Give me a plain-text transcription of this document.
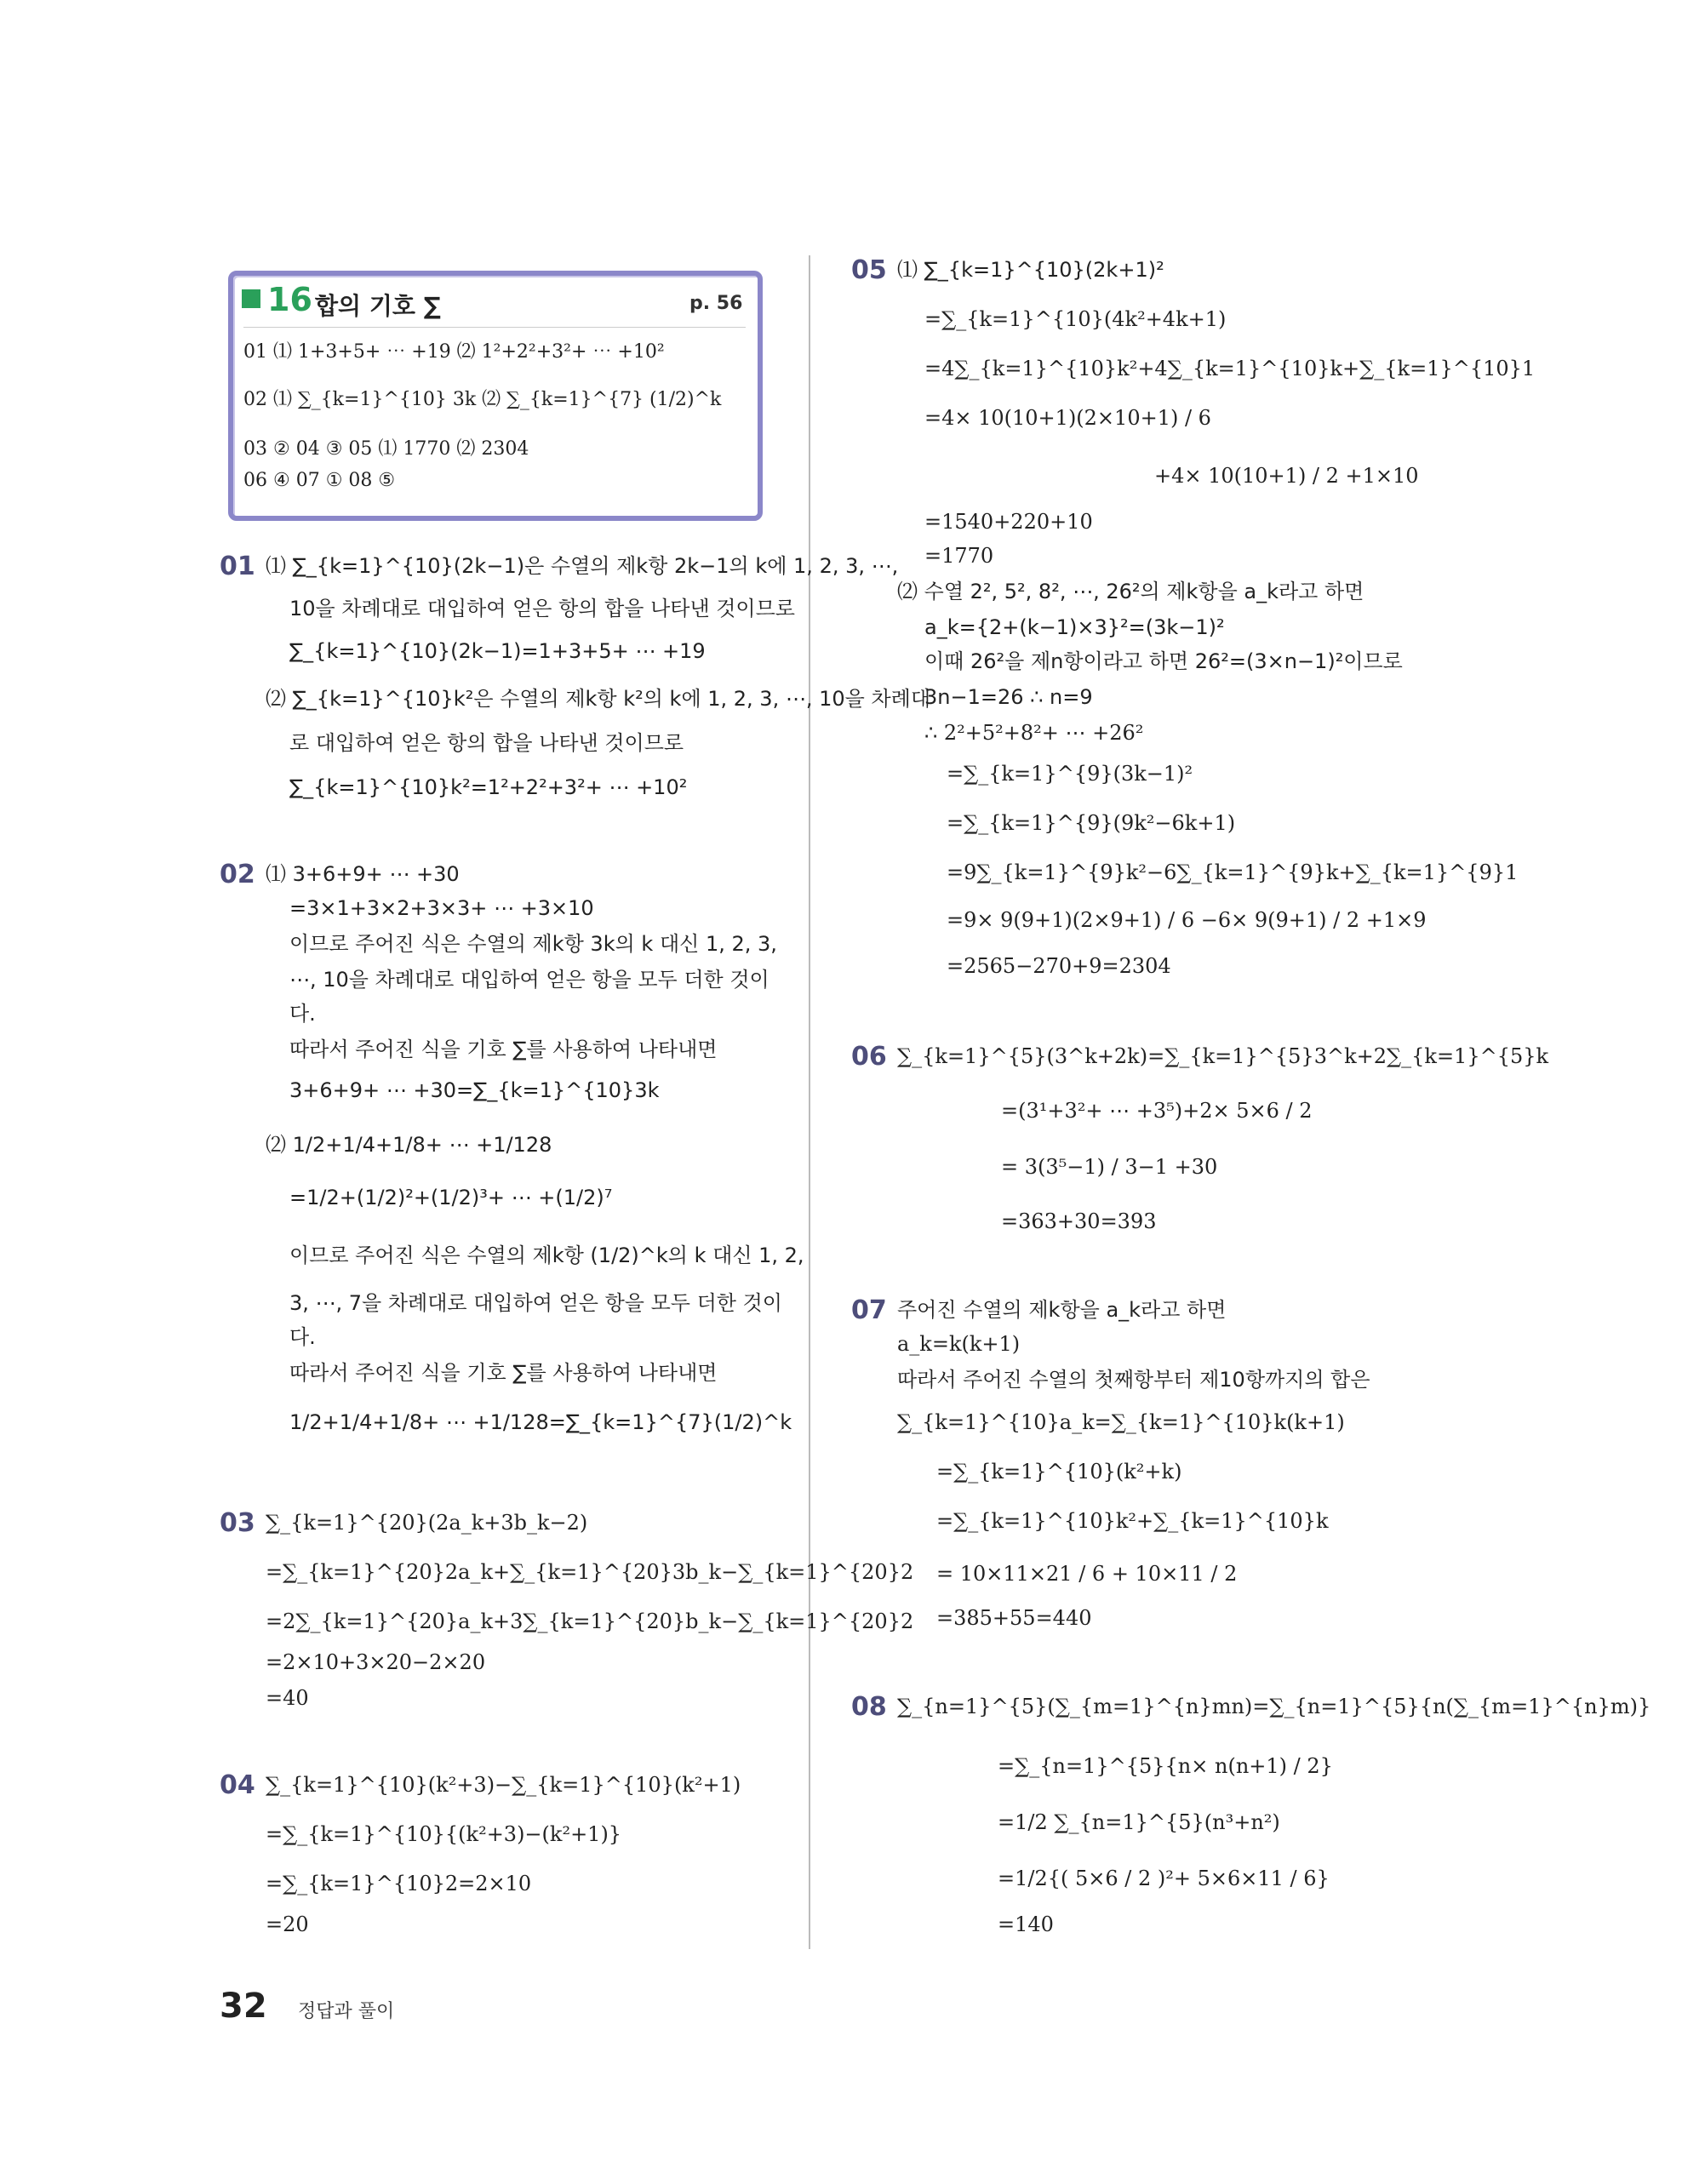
16 합의 기호 ∑	p. 56
01 ⑴ 1+3+5+ ⋯ +19 ⑵ 1²+2²+3²+ ⋯ +10²
02 ⑴ ∑_{k=1}^{10} 3k ⑵ ∑_{k=1}^{7} (1/2)^k
03 ② 04 ③ 05 ⑴ 1770 ⑵ 2304
06 ④ 07 ① 08 ⑤
01 ⑴ ∑_{k=1}^{10}(2k−1)은 수열의 제k항 2k−1의 k에 1, 2, 3, ⋯,
10을 차례대로 대입하여 얻은 항의 합을 나타낸 것이므로
∑_{k=1}^{10}(2k−1)=1+3+5+ ⋯ +19
⑵ ∑_{k=1}^{10}k²은 수열의 제k항 k²의 k에 1, 2, 3, ⋯, 10을 차례대
로 대입하여 얻은 항의 합을 나타낸 것이므로
∑_{k=1}^{10}k²=1²+2²+3²+ ⋯ +10²
02 ⑴ 3+6+9+ ⋯ +30
=3×1+3×2+3×3+ ⋯ +3×10
이므로 주어진 식은 수열의 제k항 3k의 k 대신 1, 2, 3,
⋯, 10을 차례대로 대입하여 얻은 항을 모두 더한 것이
다.
따라서 주어진 식을 기호 ∑를 사용하여 나타내면
3+6+9+ ⋯ +30=∑_{k=1}^{10}3k
⑵ 1/2+1/4+1/8+ ⋯ +1/128
=1/2+(1/2)²+(1/2)³+ ⋯ +(1/2)⁷
이므로 주어진 식은 수열의 제k항 (1/2)^k의 k 대신 1, 2,
3, ⋯, 7을 차례대로 대입하여 얻은 항을 모두 더한 것이
다.
따라서 주어진 식을 기호 ∑를 사용하여 나타내면
1/2+1/4+1/8+ ⋯ +1/128=∑_{k=1}^{7}(1/2)^k
03 ∑_{k=1}^{20}(2a_k+3b_k−2)
=∑_{k=1}^{20}2a_k+∑_{k=1}^{20}3b_k−∑_{k=1}^{20}2
=2∑_{k=1}^{20}a_k+3∑_{k=1}^{20}b_k−∑_{k=1}^{20}2
=2×10+3×20−2×20
=40
04 ∑_{k=1}^{10}(k²+3)−∑_{k=1}^{10}(k²+1)
=∑_{k=1}^{10}{(k²+3)−(k²+1)}
=∑_{k=1}^{10}2=2×10
=20
05 ⑴ ∑_{k=1}^{10}(2k+1)²
=∑_{k=1}^{10}(4k²+4k+1)
=4∑_{k=1}^{10}k²+4∑_{k=1}^{10}k+∑_{k=1}^{10}1
=4× 10(10+1)(2×10+1) / 6
+4× 10(10+1) / 2 +1×10
=1540+220+10
=1770
⑵ 수열 2², 5², 8², ⋯, 26²의 제k항을 a_k라고 하면
a_k={2+(k−1)×3}²=(3k−1)²
이때 26²을 제n항이라고 하면 26²=(3×n−1)²이므로
3n−1=26 ∴ n=9
∴ 2²+5²+8²+ ⋯ +26²
=∑_{k=1}^{9}(3k−1)²
=∑_{k=1}^{9}(9k²−6k+1)
=9∑_{k=1}^{9}k²−6∑_{k=1}^{9}k+∑_{k=1}^{9}1
=9× 9(9+1)(2×9+1) / 6 −6× 9(9+1) / 2 +1×9
=2565−270+9=2304
06 ∑_{k=1}^{5}(3^k+2k)=∑_{k=1}^{5}3^k+2∑_{k=1}^{5}k
=(3¹+3²+ ⋯ +3⁵)+2× 5×6 / 2
= 3(3⁵−1) / 3−1 +30
=363+30=393
07 주어진 수열의 제k항을 a_k라고 하면
a_k=k(k+1)
따라서 주어진 수열의 첫째항부터 제10항까지의 합은
∑_{k=1}^{10}a_k=∑_{k=1}^{10}k(k+1)
=∑_{k=1}^{10}(k²+k)
=∑_{k=1}^{10}k²+∑_{k=1}^{10}k
= 10×11×21 / 6 + 10×11 / 2
=385+55=440
08 ∑_{n=1}^{5}(∑_{m=1}^{n}mn)=∑_{n=1}^{5}{n(∑_{m=1}^{n}m)}
=∑_{n=1}^{5}{n× n(n+1) / 2}
=1/2 ∑_{n=1}^{5}(n³+n²)
=1/2{( 5×6 / 2 )²+ 5×6×11 / 6}
=140
32 정답과 풀이
